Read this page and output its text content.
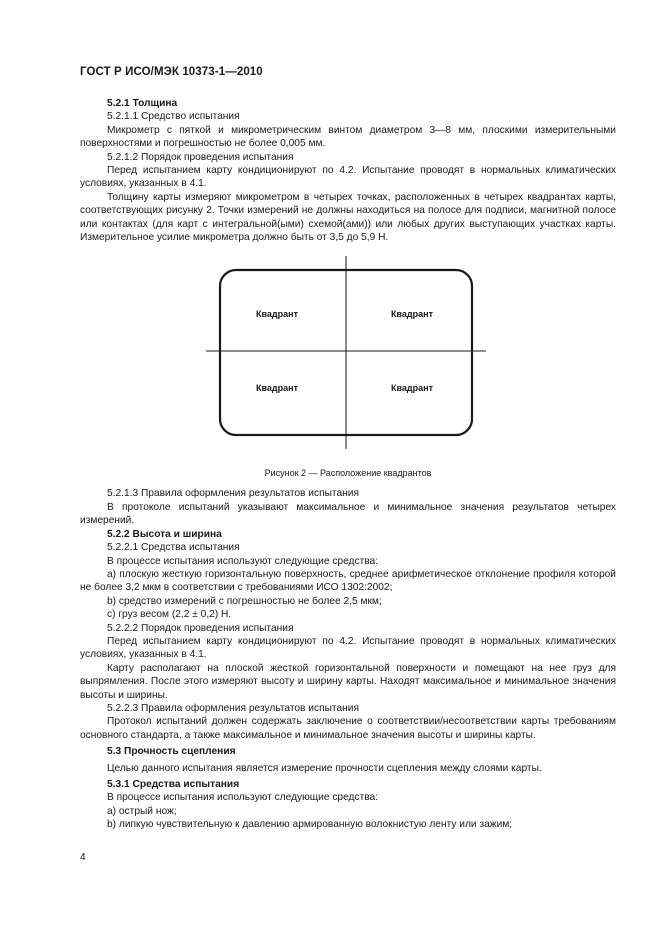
ГОСТ Р ИСО/МЭК 10373-1—2010

5.2.1 Толщина

5.2.1.1 Средство испытания

Микрометр с пяткой и микрометрическим винтом диаметром 3—8 мм, плоскими измерительными поверхностями и погрешностью не более 0,005 мм.

5.2.1.2 Порядок проведения испытания

Перед испытанием карту кондиционируют по 4.2. Испытание проводят в нормальных климатических условиях, указанных в 4.1.

Толщину карты измеряют микрометром в четырех точках, расположенных в четырех квадрантах карты, соответствующих рисунку 2. Точки измерений не должны находиться на полосе для подписи, магнитной полосе или контактах (для карт с интегральной(ыми) схемой(ами)) или любых других выступающих участках карты. Измерительное усилие микрометра должно быть от 3,5 до 5,9 Н.

Квадрант	Квадрант
Квадрант	Квадрант

Рисунок 2 — Расположение квадрантов

5.2.1.3 Правила оформления результатов испытания

В протоколе испытаний указывают максимальное и минимальное значения результатов четырех измерений.

5.2.2 Высота и ширина

5.2.2.1 Средства испытания

В процессе испытания используют следующие средства:

а) плоскую жесткую горизонтальную поверхность, среднее арифметическое отклонение профиля которой не более 3,2 мкм в соответствии с требованиями ИСО 1302:2002;

b) средство измерений с погрешностью не более 2,5 мкм;

с) груз весом (2,2 ± 0,2) Н.

5.2.2.2 Порядок проведения испытания

Перед испытанием карту кондиционируют по 4.2. Испытание проводят в нормальных климатических условиях, указанных в 4.1.

Карту располагают на плоской жесткой горизонтальной поверхности и помещают на нее груз для выпрямления. После этого измеряют высоту и ширину карты. Находят максимальное и минимальное значения высоты и ширины.

5.2.2.3 Правила оформления результатов испытания

Протокол испытаний должен содержать заключение о соответствии/несоответствии карты требованиям основного стандарта, а также максимальное и минимальное значения высоты и ширины карты.

5.3 Прочность сцепления

Целью данного испытания является измерение прочности сцепления между слоями карты.

5.3.1 Средства испытания

В процессе испытания используют следующие средства:

а) острый нож;

b) липкую чувствительную к давлению армированную волокнистую ленту или зажим;

4
